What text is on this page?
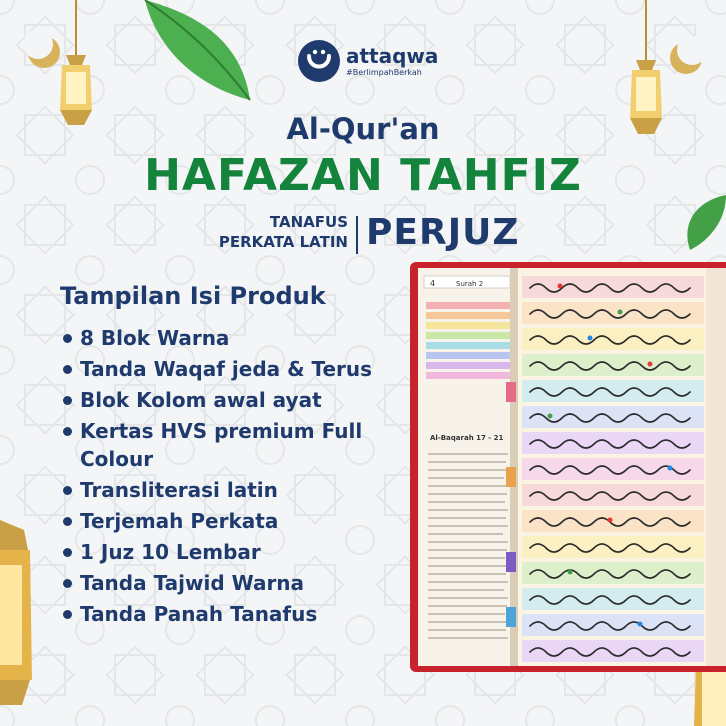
attaqwa
#BerlimpahBerkah
Al-Qur'an
HAFAZAN TAHFIZ
TANAFUS
PERKATA LATIN PERJUZ
Tampilan Isi Produk
8 Blok Warna
Tanda Waqaf jeda & Terus
Blok Kolom awal ayat
Kertas HVS premium Full Colour
Transliterasi latin
Terjemah Perkata
1 Juz 10 Lembar
Tanda Tajwid Warna
Tanda Panah Tanafus
4	Surah 2
Al-Baqarah 17 - 21
